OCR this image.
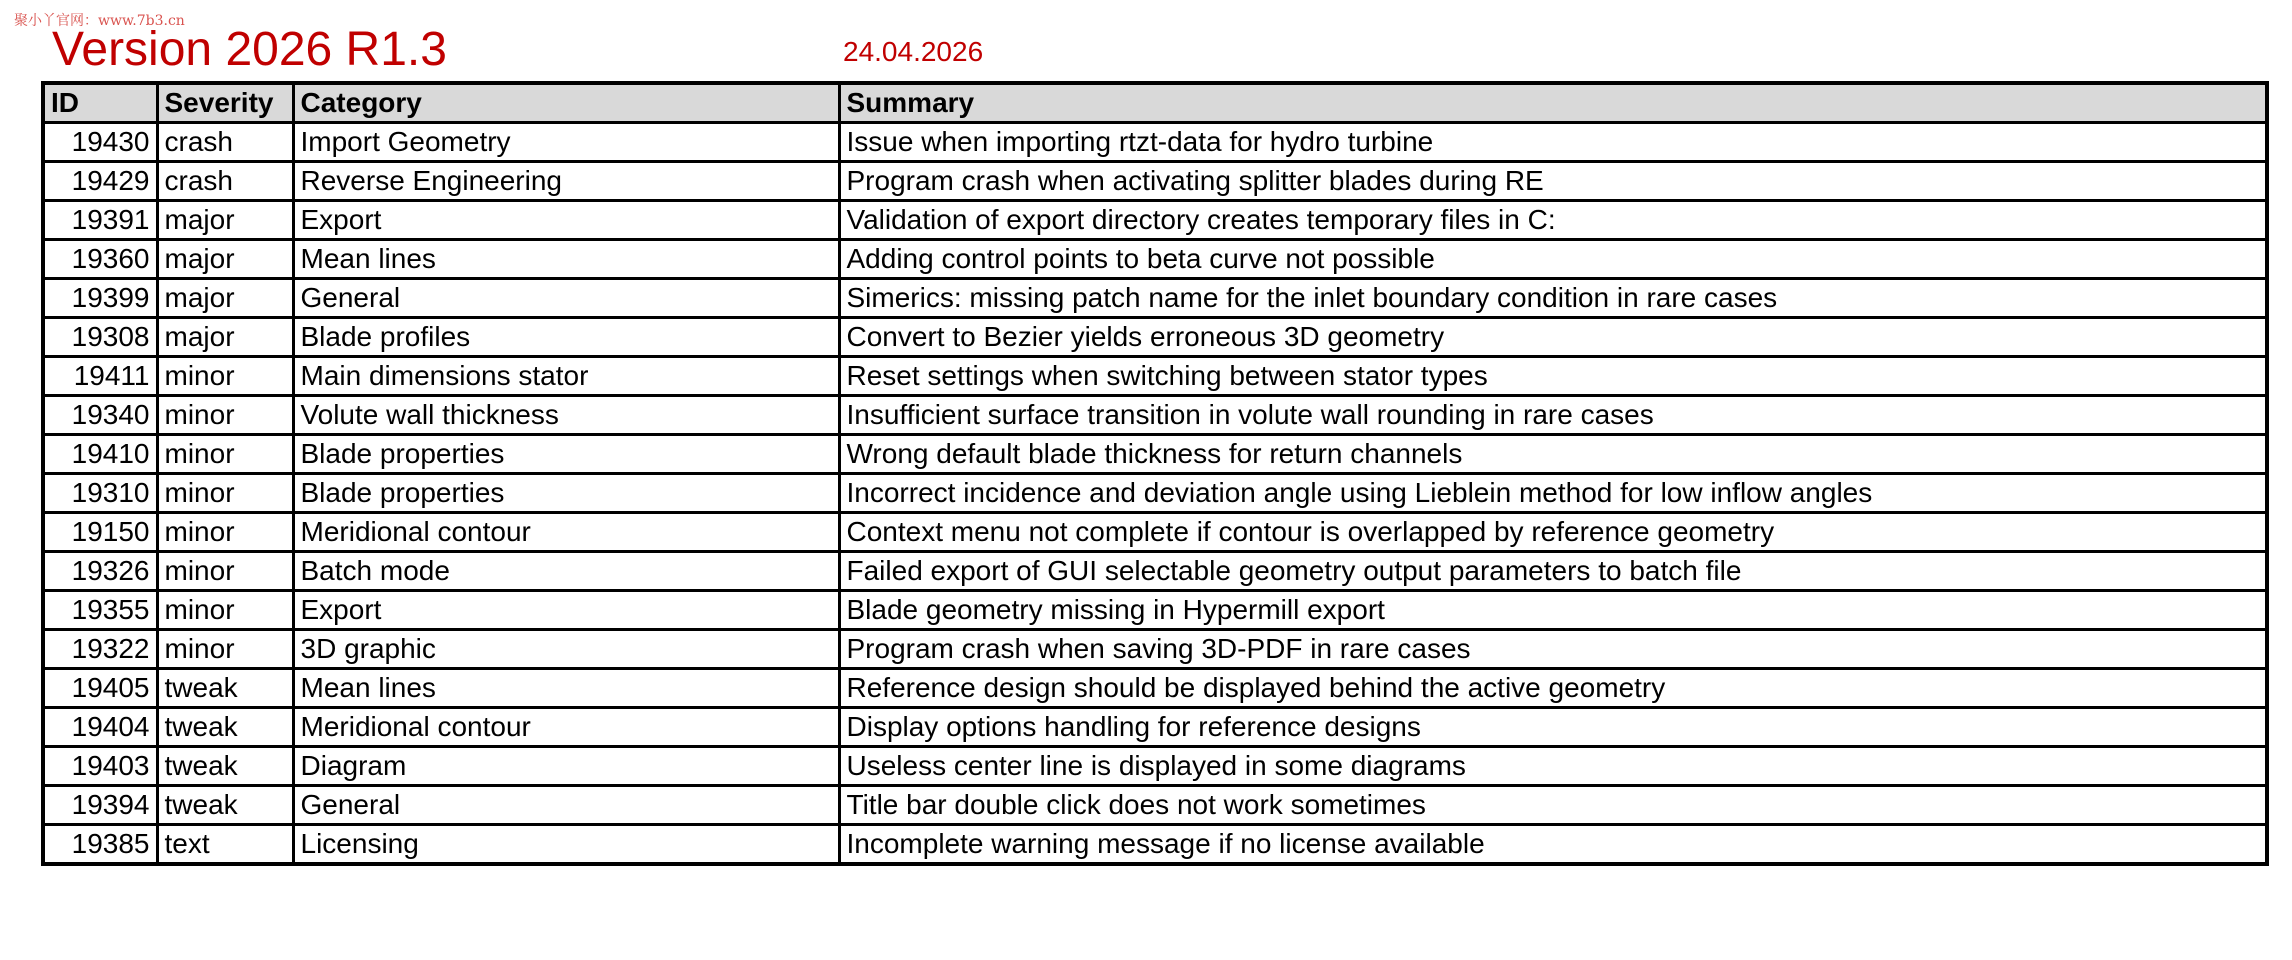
聚小丫官网：www.7b3.cn
Version 2026 R1.3	24.04.2026
ID	Severity	Category	Summary
19430	crash	Import Geometry	Issue when importing rtzt-data for hydro turbine
19429	crash	Reverse Engineering	Program crash when activating splitter blades during RE
19391	major	Export	Validation of export directory creates temporary files in C:
19360	major	Mean lines	Adding control points to beta curve not possible
19399	major	General	Simerics: missing patch name for the inlet boundary condition in rare cases
19308	major	Blade profiles	Convert to Bezier yields erroneous 3D geometry
19411	minor	Main dimensions stator	Reset settings when switching between stator types
19340	minor	Volute wall thickness	Insufficient surface transition in volute wall rounding in rare cases
19410	minor	Blade properties	Wrong default blade thickness for return channels
19310	minor	Blade properties	Incorrect incidence and deviation angle using Lieblein method for low inflow angles
19150	minor	Meridional contour	Context menu not complete if contour is overlapped by reference geometry
19326	minor	Batch mode	Failed export of GUI selectable geometry output parameters to batch file
19355	minor	Export	Blade geometry missing in Hypermill export
19322	minor	3D graphic	Program crash when saving 3D-PDF in rare cases
19405	tweak	Mean lines	Reference design should be displayed behind the active geometry
19404	tweak	Meridional contour	Display options handling for reference designs
19403	tweak	Diagram	Useless center line is displayed in some diagrams
19394	tweak	General	Title bar double click does not work sometimes
19385	text	Licensing	Incomplete warning message if no license available
